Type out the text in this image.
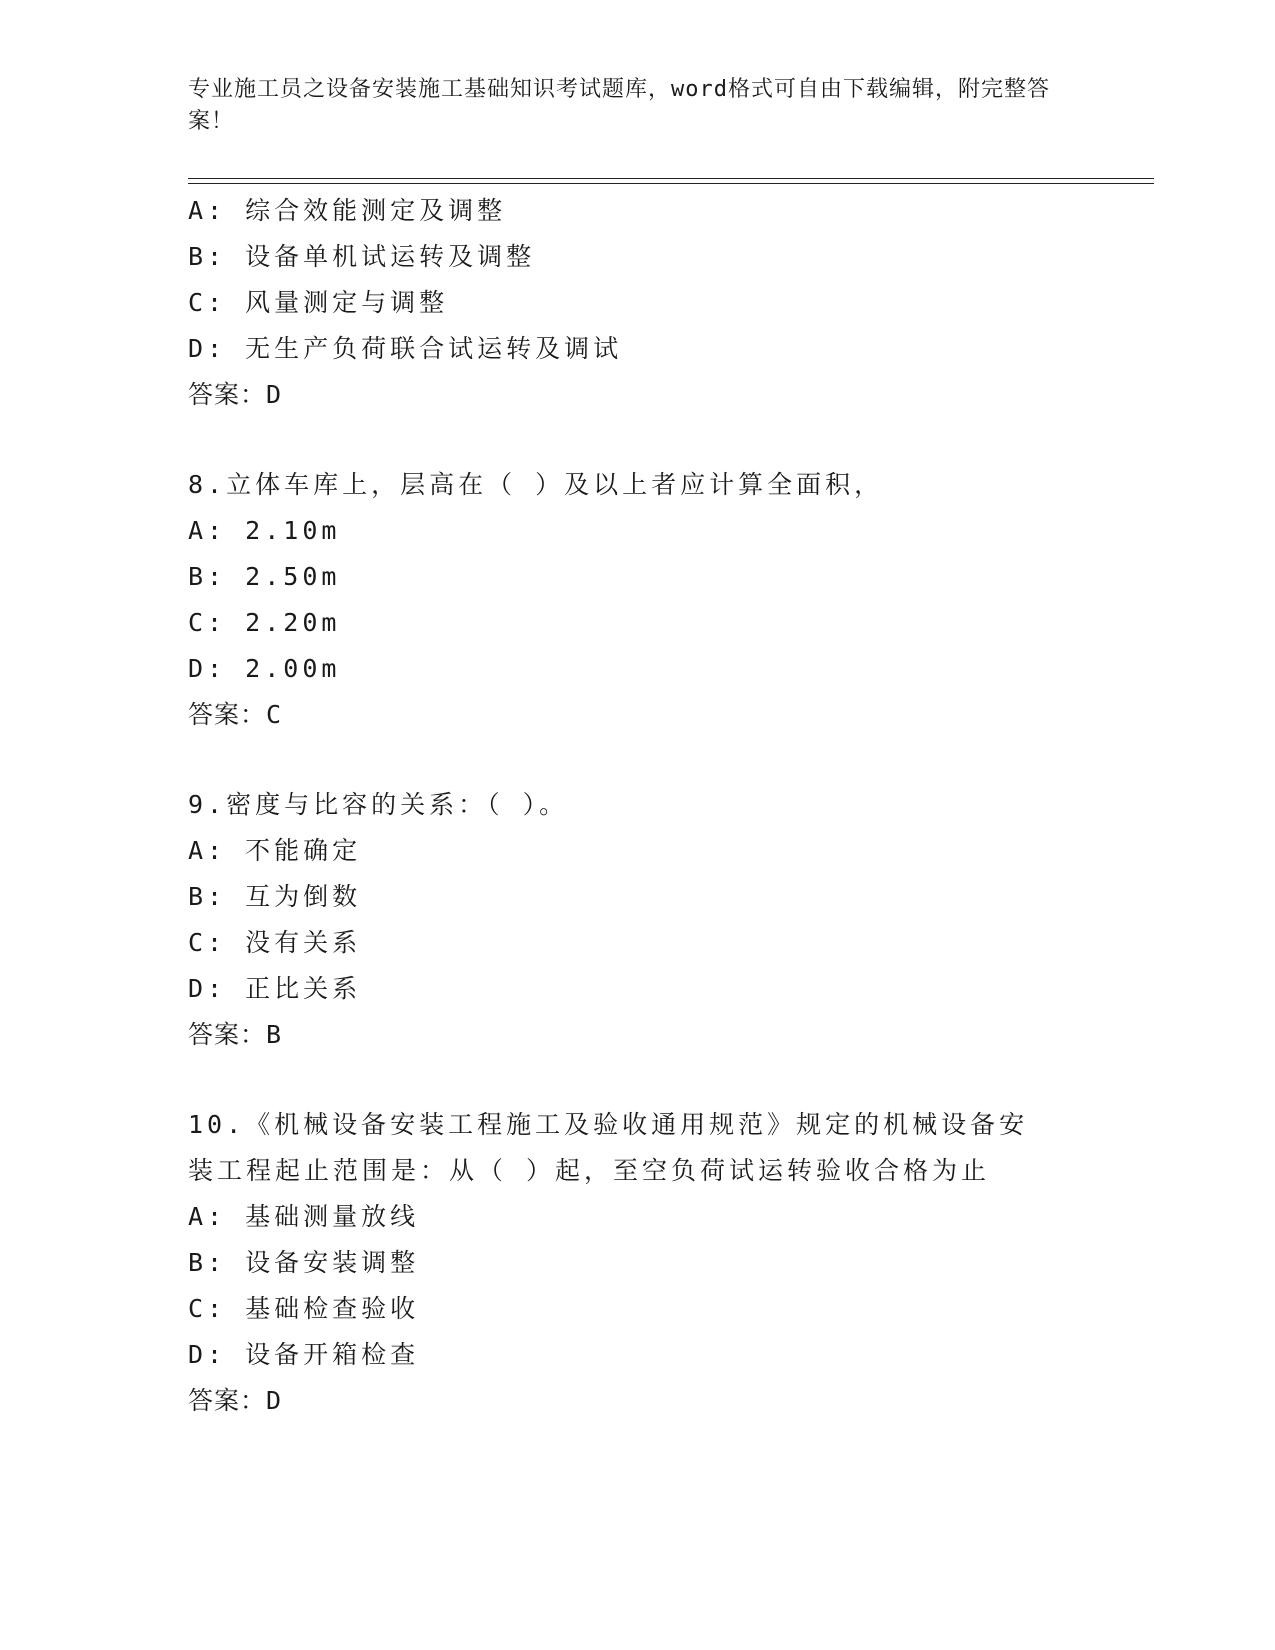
专业施工员之设备安装施工基础知识考试题库，word格式可自由下载编辑，附完整答案！
A: 综合效能测定及调整
B: 设备单机试运转及调整
C: 风量测定与调整
D: 无生产负荷联合试运转及调试
答案：D
8.立体车库上，层高在（ ）及以上者应计算全面积，
A: 2.10m
B: 2.50m
C: 2.20m
D: 2.00m
答案：C
9.密度与比容的关系：（ ）。
A: 不能确定
B: 互为倒数
C: 没有关系
D: 正比关系
答案：B
10.《机械设备安装工程施工及验收通用规范》规定的机械设备安装工程起止范围是：从（ ）起，至空负荷试运转验收合格为止
A: 基础测量放线
B: 设备安装调整
C: 基础检查验收
D: 设备开箱检查
答案：D
